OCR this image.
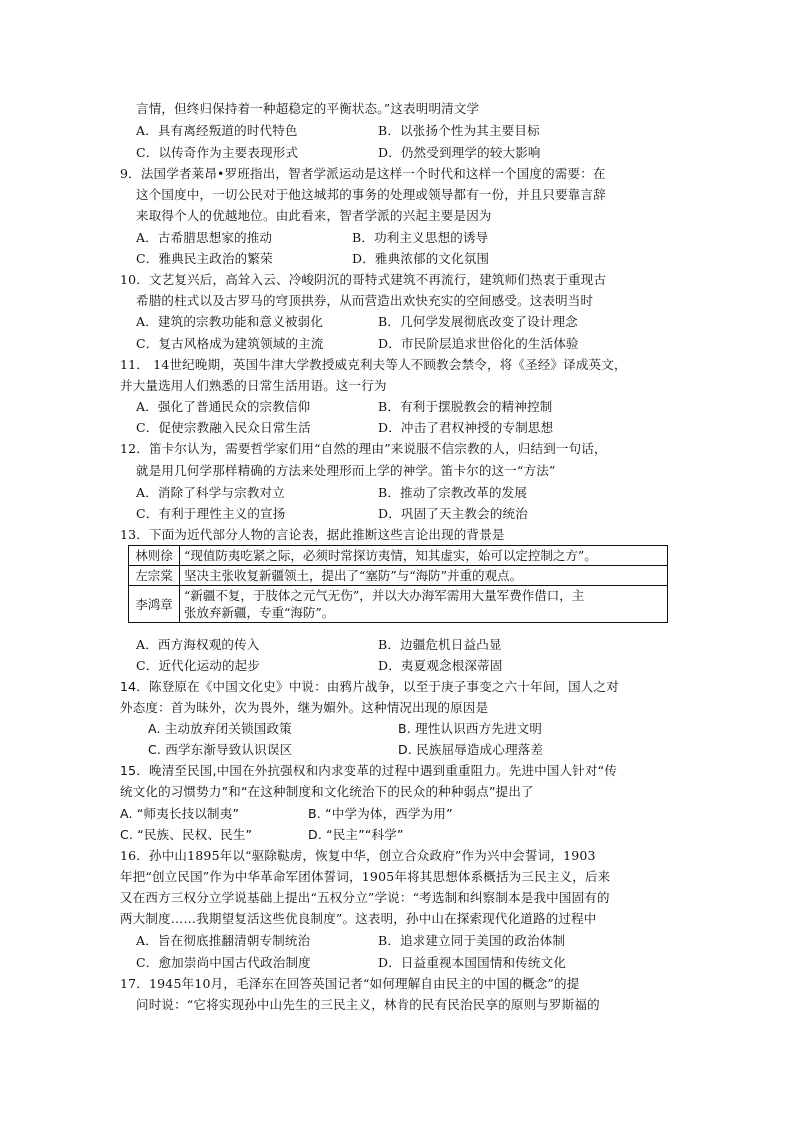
言情，但终归保持着一种超稳定的平衡状态。”这表明明清文学
A．具有离经叛道的时代特色	B．以张扬个性为其主要目标
C．以传奇作为主要表现形式	D．仍然受到理学的较大影响
9．法国学者莱昂•罗班指出，智者学派运动是这样一个时代和这样一个国度的需要：在
这个国度中，一切公民对于他这城邦的事务的处理或领导都有一份，并且只要靠言辞
来取得个人的优越地位。由此看来，智者学派的兴起主要是因为
A．古希腊思想家的推动	B．功利主义思想的诱导
C．雅典民主政治的繁荣	D．雅典浓郁的文化氛围
10．文艺复兴后，高耸入云、冷峻阴沉的哥特式建筑不再流行，建筑师们热衷于重现古
希腊的柱式以及古罗马的穹顶拱券，从而营造出欢快充实的空间感受。这表明当时
A．建筑的宗教功能和意义被弱化	B．几何学发展彻底改变了设计理念
C．复古风格成为建筑领域的主流	D．市民阶层追求世俗化的生活体验
11． 14世纪晚期，英国牛津大学教授威克利夫等人不顾教会禁令，将《圣经》译成英文，
并大量选用人们熟悉的日常生活用语。这一行为
A．强化了普通民众的宗教信仰	B．有利于摆脱教会的精神控制
C．促使宗教融入民众日常生活	D．冲击了君权神授的专制思想
12．笛卡尔认为，需要哲学家们用“自然的理由”来说服不信宗教的人，归结到一句话，
就是用几何学那样精确的方法来处理形而上学的神学。笛卡尔的这一“方法”
A．消除了科学与宗教对立	B．推动了宗教改革的发展
C．有利于理性主义的宣扬	D．巩固了天主教会的统治
13．下面为近代部分人物的言论表，据此推断这些言论出现的背景是
林则徐	“现值防夷吃紧之际，必须时常探访夷情，知其虚实，始可以定控制之方”。
左宗棠	坚决主张收复新疆领土，提出了“塞防”与“海防”并重的观点。
李鸿章	“新疆不复，于肢体之元气无伤”，并以大办海军需用大量军费作借口，主
张放弃新疆，专重“海防”。
A．西方海权观的传入	B．边疆危机日益凸显
C．近代化运动的起步	D．夷夏观念根深蒂固
14．陈登原在《中国文化史》中说：由鸦片战争，以至于庚子事变之六十年间，国人之对
外态度：首为昧外，次为畏外，继为媚外。这种情况出现的原因是
A. 主动放弃闭关锁国政策	B. 理性认识西方先进文明
C. 西学东渐导致认识误区	D. 民族屈辱造成心理落差
15．晚清至民国,中国在外抗强权和内求变革的过程中遇到重重阻力。先进中国人针对“传
统文化的习惯势力”和“在这种制度和文化统治下的民众的种种弱点”提出了
A. “师夷长技以制夷”	B. “中学为体，西学为用”
C. “民族、民权、民生”	D. “民主”“科学”
16．孙中山1895年以“驱除鞑虏，恢复中华，创立合众政府”作为兴中会誓词，1903
年把“创立民国”作为中华革命军团体誓词，1905年将其思想体系概括为三民主义，后来
又在西方三权分立学说基础上提出“五权分立”学说：“考选制和纠察制本是我中国固有的
两大制度……我期望复活这些优良制度”。这表明，孙中山在探索现代化道路的过程中
A．旨在彻底推翻清朝专制统治	B．追求建立同于美国的政治体制
C．愈加崇尚中国古代政治制度	D．日益重视本国国情和传统文化
17．1945年10月，毛泽东在回答英国记者“如何理解自由民主的中国的概念”的提
问时说：“它将实现孙中山先生的三民主义，林肯的民有民治民享的原则与罗斯福的
